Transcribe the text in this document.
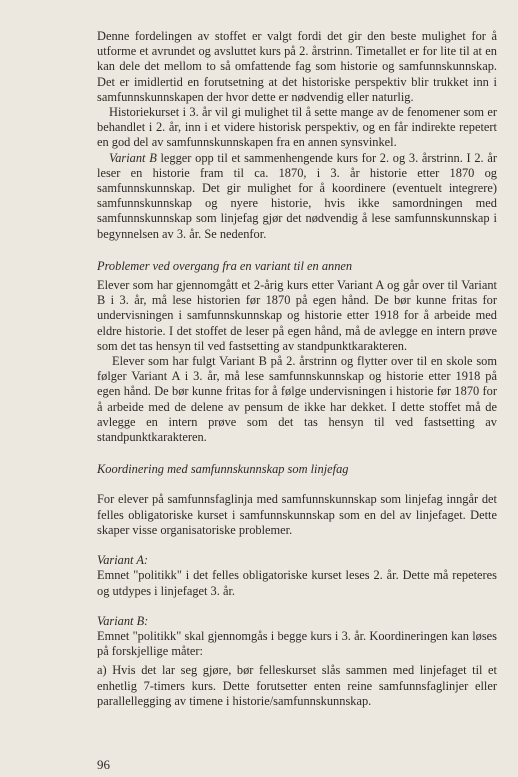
Denne fordelingen av stoffet er valgt fordi det gir den beste mulighet for å utforme et avrundet og avsluttet kurs på 2. årstrinn. Timetallet er for lite til at en kan dele det mellom to så omfattende fag som historie og samfunnskunnskap. Det er imidlertid en forutsetning at det historiske perspektiv blir trukket inn i samfunnskunnskapen der hvor dette er nødvendig eller naturlig.

Historiekurset i 3. år vil gi mulighet til å sette mange av de fenomener som er behandlet i 2. år, inn i et videre historisk perspektiv, og en får indirekte repetert en god del av samfunnskunnskapen fra en annen synsvinkel.

Variant B legger opp til et sammenhengende kurs for 2. og 3. årstrinn. I 2. år leser en historie fram til ca. 1870, i 3. år historie etter 1870 og samfunnskunnskap. Det gir mulighet for å koordinere (eventuelt integrere) samfunnskunnskap og nyere historie, hvis ikke samordningen med samfunnskunnskap som linjefag gjør det nødvendig å lese samfunnskunnskap i begynnelsen av 3. år. Se nedenfor.

Problemer ved overgang fra en variant til en annen

Elever som har gjennomgått et 2-årig kurs etter Variant A og går over til Variant B i 3. år, må lese historien før 1870 på egen hånd. De bør kunne fritas for undervisningen i samfunnskunnskap og historie etter 1918 for å arbeide med eldre historie. I det stoffet de leser på egen hånd, må de avlegge en intern prøve som det tas hensyn til ved fastsetting av standpunktkarakteren.

Elever som har fulgt Variant B på 2. årstrinn og flytter over til en skole som følger Variant A i 3. år, må lese samfunnskunnskap og historie etter 1918 på egen hånd. De bør kunne fritas for å følge undervisningen i historie før 1870 for å arbeide med de delene av pensum de ikke har dekket. I dette stoffet må de avlegge en intern prøve som det tas hensyn til ved fastsetting av standpunktkarakteren.

Koordinering med samfunnskunnskap som linjefag

For elever på samfunnsfaglinja med samfunnskunnskap som linjefag inngår det felles obligatoriske kurset i samfunnskunnskap som en del av linjefaget. Dette skaper visse organisatoriske problemer.

Variant A:

Emnet "politikk" i det felles obligatoriske kurset leses 2. år. Dette må repeteres og utdypes i linjefaget 3. år.

Variant B:

Emnet "politikk" skal gjennomgås i begge kurs i 3. år. Koordineringen kan løses på forskjellige måter:

a) Hvis det lar seg gjøre, bør felleskurset slås sammen med linjefaget til et enhetlig 7-timers kurs. Dette forutsetter enten reine samfunnsfaglinjer eller parallellegging av timene i historie/samfunnskunnskap.

96
